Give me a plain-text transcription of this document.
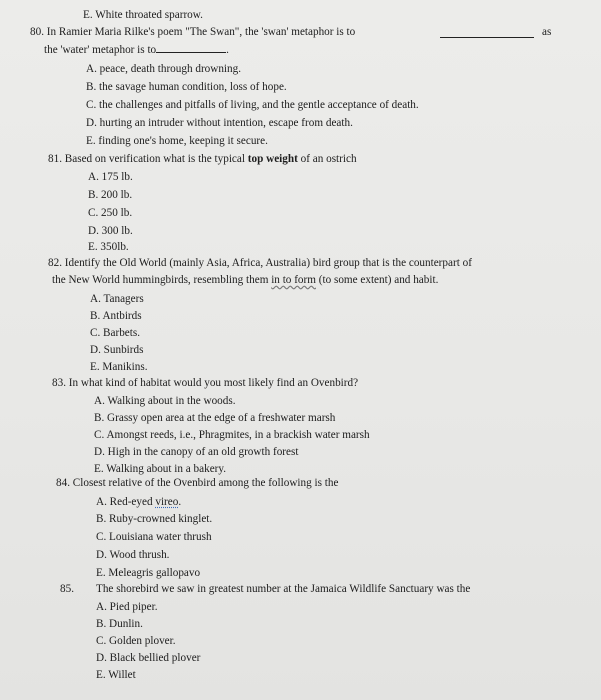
E. White throated sparrow.
80. In Ramier Maria Rilke's poem "The Swan", the 'swan' metaphor is to	as
the 'water' metaphor is to	.
A. peace, death through drowning.
B. the savage human condition, loss of hope.
C. the challenges and pitfalls of living, and the gentle acceptance of death.
D. hurting an intruder without intention, escape from death.
E. finding one's home, keeping it secure.
81. Based on verification what is the typical top weight of an ostrich
A. 175 lb.
B. 200 lb.
C. 250 lb.
D. 300 lb.
E. 350lb.
82. Identify the Old World (mainly Asia, Africa, Australia) bird group that is the counterpart of
the New World hummingbirds, resembling them in to form (to some extent) and habit.
A. Tanagers
B. Antbirds
C. Barbets.
D. Sunbirds
E. Manikins.
83. In what kind of habitat would you most likely find an Ovenbird?
A. Walking about in the woods.
B. Grassy open area at the edge of a freshwater marsh
C. Amongst reeds, i.e., Phragmites, in a brackish water marsh
D. High in the canopy of an old growth forest
E. Walking about in a bakery.
84. Closest relative of the Ovenbird among the following is the
A. Red-eyed vireo.
B. Ruby-crowned kinglet.
C. Louisiana water thrush
D. Wood thrush.
E. Meleagris gallopavo
85. The shorebird we saw in greatest number at the Jamaica Wildlife Sanctuary was the
A. Pied piper.
B. Dunlin.
C. Golden plover.
D. Black bellied plover
E. Willet
